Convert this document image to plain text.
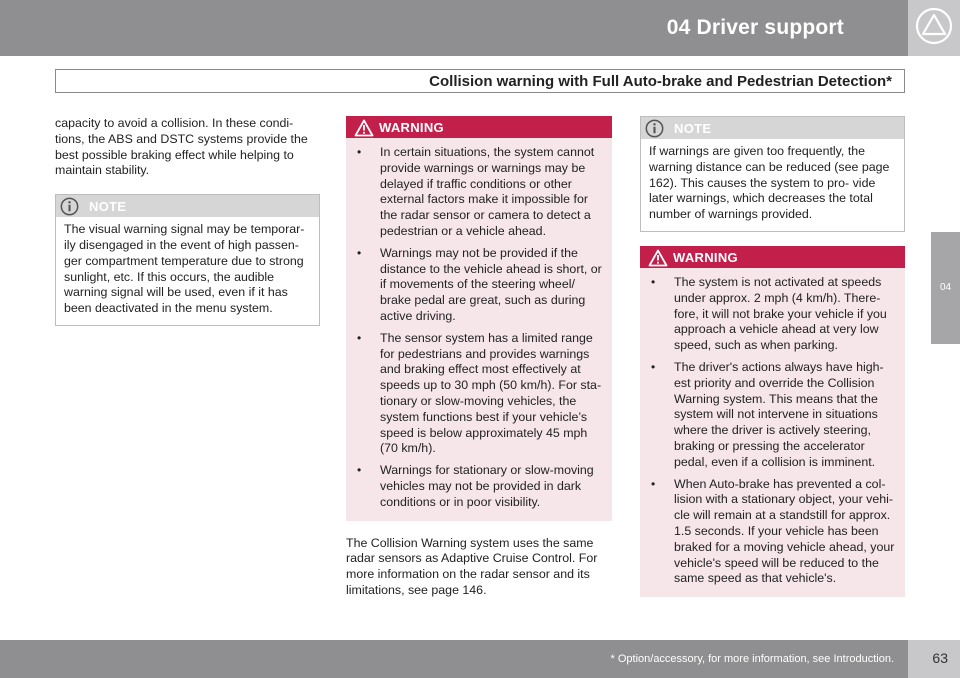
04 Driver support
Collision warning with Full Auto-brake and Pedestrian Detection*
04

capacity to avoid a collision. In these condi- tions, the ABS and DSTC systems provide the best possible braking effect while helping to maintain stability.

NOTE
The visual warning signal may be temporar- ily disengaged in the event of high passen- ger compartment temperature due to strong sunlight, etc. If this occurs, the audible warning signal will be used, even if it has been deactivated in the menu system.
WARNING
• In certain situations, the system cannot provide warnings or warnings may be delayed if traffic conditions or other external factors make it impossible for the radar sensor or camera to detect a pedestrian or a vehicle ahead.
• Warnings may not be provided if the distance to the vehicle ahead is short, or if movements of the steering wheel/ brake pedal are great, such as during active driving.
• The sensor system has a limited range for pedestrians and provides warnings and braking effect most effectively at speeds up to 30 mph (50 km/h). For sta- tionary or slow-moving vehicles, the system functions best if your vehicle’s speed is below approximately 45 mph (70 km/h).
• Warnings for stationary or slow-moving vehicles may not be provided in dark conditions or in poor visibility.

The Collision Warning system uses the same radar sensors as Adaptive Cruise Control. For more information on the radar sensor and its limitations, see page 146.

NOTE
If warnings are given too frequently, the warning distance can be reduced (see page 162). This causes the system to pro- vide later warnings, which decreases the total number of warnings provided.
WARNING
• The system is not activated at speeds under approx. 2 mph (4 km/h). There- fore, it will not brake your vehicle if you approach a vehicle ahead at very low speed, such as when parking.
• The driver's actions always have high- est priority and override the Collision Warning system. This means that the system will not intervene in situations where the driver is actively steering, braking or pressing the accelerator pedal, even if a collision is imminent.
• When Auto-brake has prevented a col- lision with a stationary object, your vehi- cle will remain at a standstill for approx. 1.5 seconds. If your vehicle has been braked for a moving vehicle ahead, your vehicle's speed will be reduced to the same speed as that vehicle's.
* Option/accessory, for more information, see Introduction.	63
